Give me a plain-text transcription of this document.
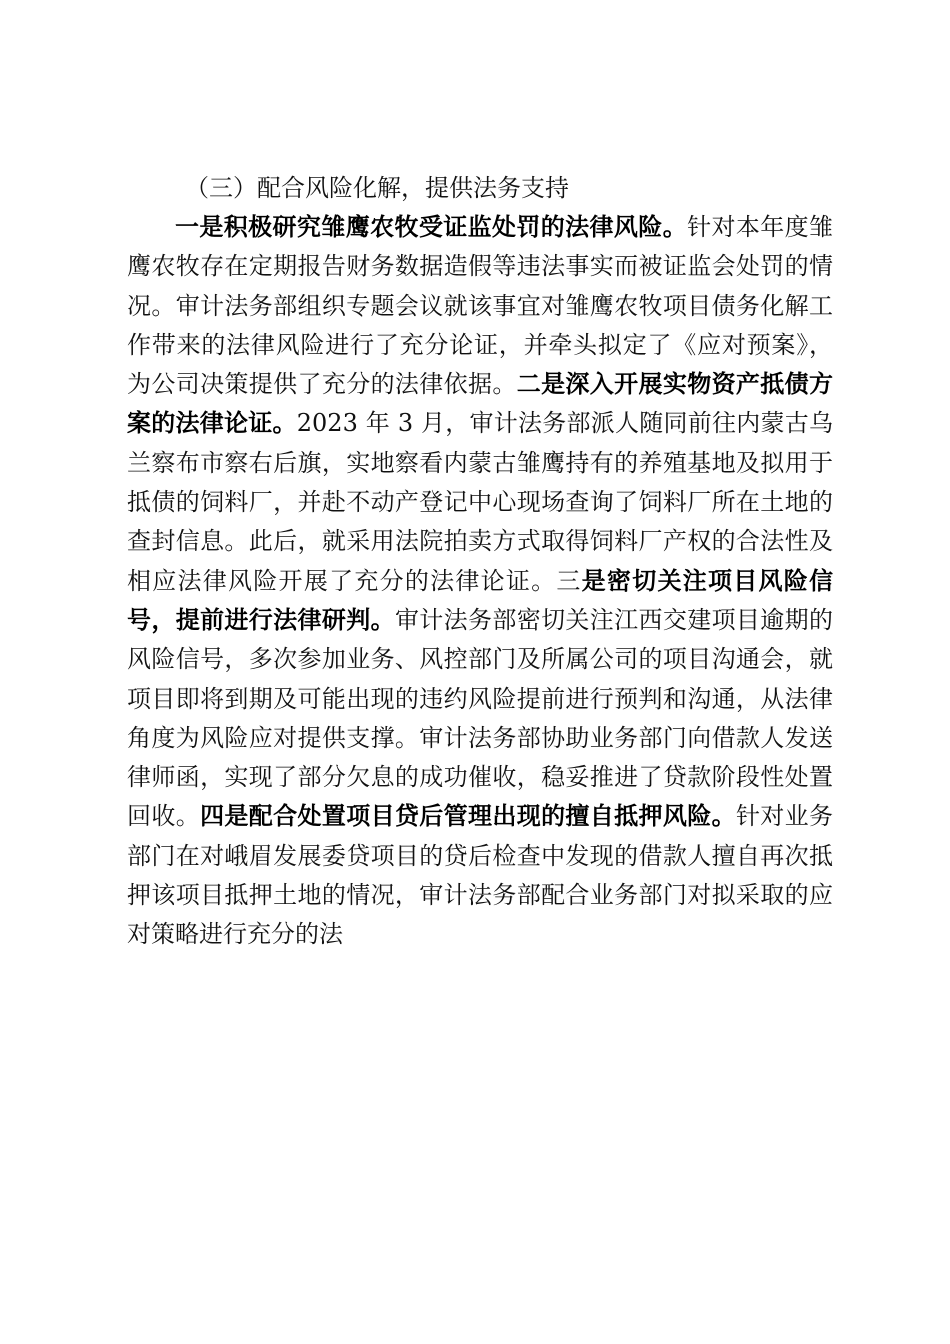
（三）配合风险化解，提供法务支持

一是积极研究雏鹰农牧受证监处罚的法律风险。针对本年度雏鹰农牧存在定期报告财务数据造假等违法事实而被证监会处罚的情况。审计法务部组织专题会议就该事宜对雏鹰农牧项目债务化解工作带来的法律风险进行了充分论证，并牵头拟定了《应对预案》，为公司决策提供了充分的法律依据。二是深入开展实物资产抵债方案的法律论证。2023 年 3 月，审计法务部派人随同前往内蒙古乌兰察布市察右后旗，实地察看内蒙古雏鹰持有的养殖基地及拟用于抵债的饲料厂，并赴不动产登记中心现场查询了饲料厂所在土地的查封信息。此后，就采用法院拍卖方式取得饲料厂产权的合法性及相应法律风险开展了充分的法律论证。三是密切关注项目风险信号，提前进行法律研判。审计法务部密切关注江西交建项目逾期的风险信号，多次参加业务、风控部门及所属公司的项目沟通会，就项目即将到期及可能出现的违约风险提前进行预判和沟通，从法律角度为风险应对提供支撑。审计法务部协助业务部门向借款人发送律师函，实现了部分欠息的成功催收，稳妥推进了贷款阶段性处置回收。四是配合处置项目贷后管理出现的擅自抵押风险。针对业务部门在对峨眉发展委贷项目的贷后检查中发现的借款人擅自再次抵押该项目抵押土地的情况，审计法务部配合业务部门对拟采取的应对策略进行充分的法
